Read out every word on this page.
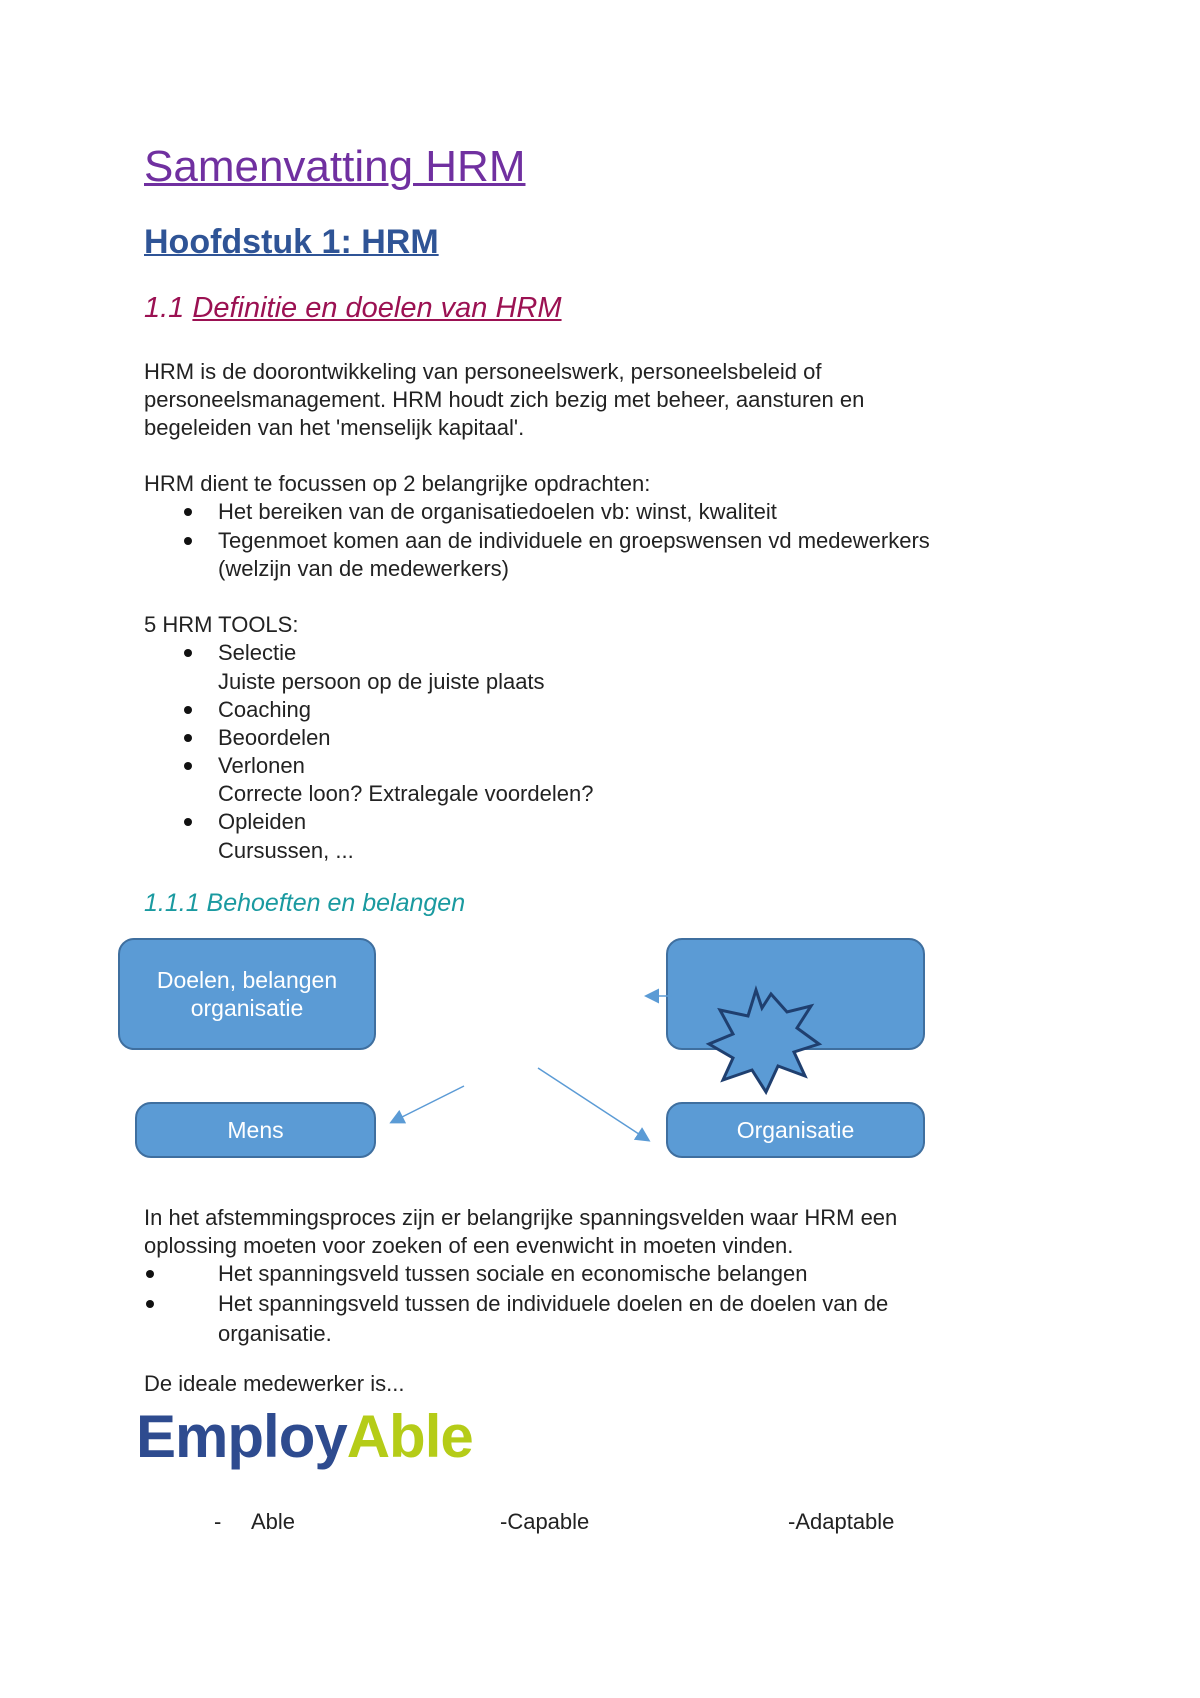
Samenvatting HRM
Hoofdstuk 1: HRM
1.1 Definitie en doelen van HRM
HRM is de doorontwikkeling van personeelswerk, personeelsbeleid of
personeelsmanagement. HRM houdt zich bezig met beheer, aansturen en
begeleiden van het 'menselijk kapitaal'.
HRM dient te focussen op 2 belangrijke opdrachten:
Het bereiken van de organisatiedoelen vb: winst, kwaliteit
Tegenmoet komen aan de individuele en groepswensen vd medewerkers
(welzijn van de medewerkers)
5 HRM TOOLS:
Selectie
Juiste persoon op de juiste plaats
Coaching
Beoordelen
Verlonen
Correcte loon? Extralegale voordelen?
Opleiden
Cursussen, ...
1.1.1 Behoeften en belangen
Doelen, belangen
organisatie
Mens	Organisatie
In het afstemmingsproces zijn er belangrijke spanningsvelden waar HRM een
oplossing moeten voor zoeken of een evenwicht in moeten vinden.
Het spanningsveld tussen sociale en economische belangen
Het spanningsveld tussen de individuele doelen en de doelen van de
organisatie.
De ideale medewerker is...
EmployAble
- Able	-Capable	-Adaptable
